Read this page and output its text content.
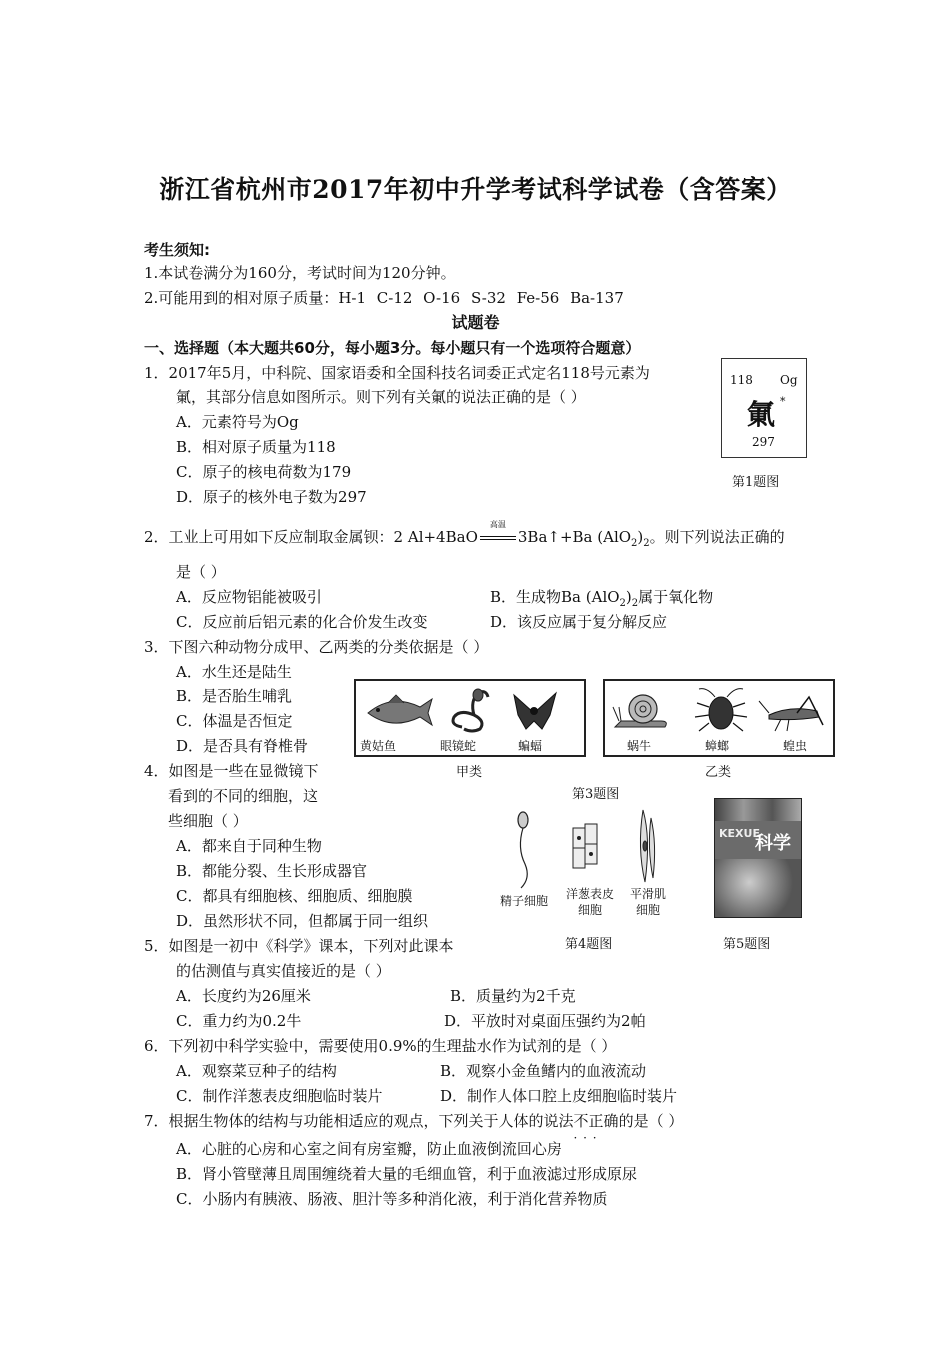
浙江省杭州市2017年初中升学考试科学试卷（含答案）
考生须知:
1.本试卷满分为160分，考试时间为120分钟。
2.可能用到的相对原子质量：H-1 C-12 O-16 S-32 Fe-56 Ba-137
试题卷
一、选择题（本大题共60分，每小题3分。每小题只有一个选项符合题意）
1．2017年5月，中科院、国家语委和全国科技名词委正式定名118号元素为
氭，其部分信息如图所示。则下列有关氭的说法正确的是（ ）
A．元素符号为Og
B．相对原子质量为118
C．原子的核电荷数为179
D．原子的核外电子数为297
118 Og
氭 *
297
第1题图
2．工业上可用如下反应制取金属钡：2 Al+4BaO
高温
3Ba↑+Ba $(AlO_2)_2$。则下列说法正确的
是（ ）
A．反应物铝能被吸引	B．生成物Ba $(AlO_2)_2$属于氧化物
C．反应前后铝元素的化合价发生改变	D．该反应属于复分解反应
3．下图六种动物分成甲、乙两类的分类依据是（ ）
A．水生还是陆生
B．是否胎生哺乳
C．体温是否恒定
D．是否具有脊椎骨	黄姑鱼	眼镜蛇	蝙蝠
甲类
蜗牛	蟑螂	蝗虫
乙类
第3题图
4．如图是一些在显微镜下
看到的不同的细胞，这
些细胞（ ）
A．都来自于同种生物
B．都能分裂、生长形成器官
C．都具有细胞核、细胞质、细胞膜
D．虽然形状不同，但都属于同一组织
精子细胞 洋葱表皮
细胞
平滑肌
细胞
第4题图
KEXUE
科学
第5题图
5．如图是一初中《科学》课本，下列对此课本
的估测值与真实值接近的是（ ）
A．长度约为26厘米	B．质量约为2千克
C．重力约为0.2牛	D．平放时对桌面压强约为2帕
6．下列初中科学实验中，需要使用0.9%的生理盐水作为试剂的是（ ）
A．观察菜豆种子的结构	B．观察小金鱼鳍内的血液流动
C．制作洋葱表皮细胞临时装片	D．制作人体口腔上皮细胞临时装片
7．根据生物体的结构与功能相适应的观点，下列关于人体的说法不正确 · · ·的是（ ）
A．心脏的心房和心室之间有房室瓣，防止血液倒流回心房
B．肾小管壁薄且周围缠绕着大量的毛细血管，利于血液滤过形成原尿
C．小肠内有胰液、肠液、胆汁等多种消化液，利于消化营养物质
